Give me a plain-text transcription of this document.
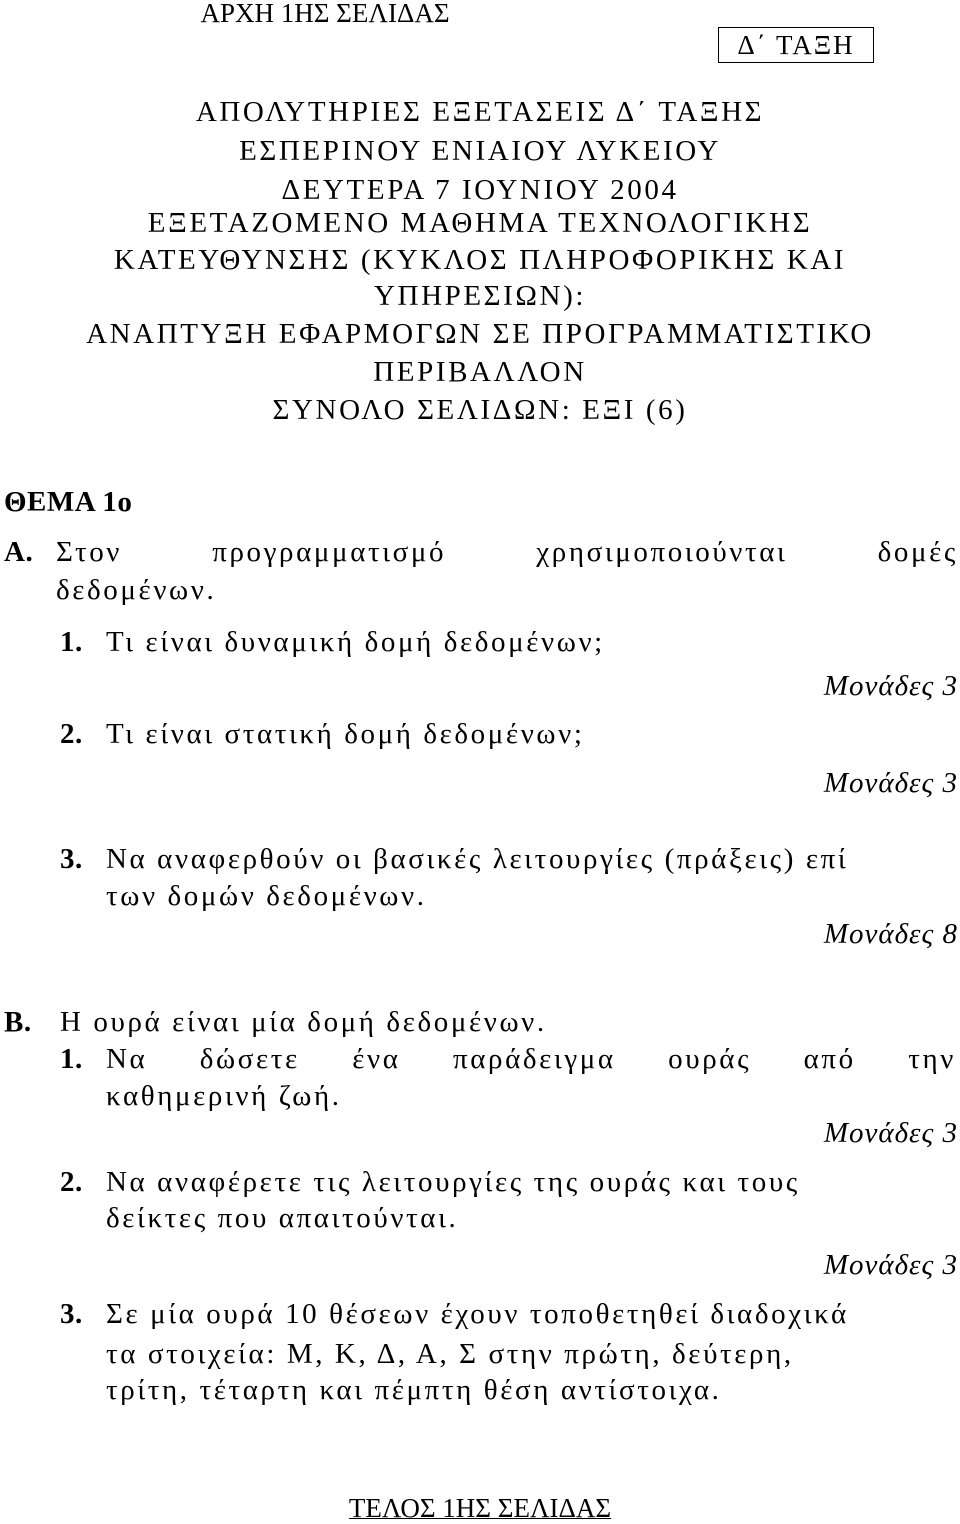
ΑΡΧΗ 1ΗΣ ΣΕΛΙΔΑΣ
Δ΄ ΤΑΞΗ
ΑΠΟΛΥΤΗΡΙΕΣ ΕΞΕΤΑΣΕΙΣ Δ΄ ΤΑΞΗΣ
ΕΣΠΕΡΙΝΟΥ ΕΝΙΑΙΟΥ ΛΥΚΕΙΟΥ
ΔΕΥΤΕΡΑ 7 ΙΟΥΝΙΟΥ 2004
ΕΞΕΤΑΖΟΜΕΝΟ ΜΑΘΗΜΑ ΤΕΧΝΟΛΟΓΙΚΗΣ
ΚΑΤΕΥΘΥΝΣΗΣ (ΚΥΚΛΟΣ ΠΛΗΡΟΦΟΡΙΚΗΣ ΚΑΙ
ΥΠΗΡΕΣΙΩΝ):
ΑΝΑΠΤΥΞΗ ΕΦΑΡΜΟΓΩΝ ΣΕ ΠΡΟΓΡΑΜΜΑΤΙΣΤΙΚΟ
ΠΕΡΙΒΑΛΛΟΝ
ΣΥΝΟΛΟ ΣΕΛΙΔΩΝ: ΕΞΙ (6)
ΘΕΜΑ 1ο
Α. Στον	προγραμματισμό	χρησιμοποιούνται	δομές
δεδομένων.
1. Τι είναι δυναμική δομή δεδομένων;
Μονάδες 3
2. Τι είναι στατική δομή δεδομένων;
Μονάδες 3
3. Να αναφερθούν οι βασικές λειτουργίες (πράξεις) επί
των δομών δεδομένων.
Μονάδες 8
Β. Η ουρά είναι μία δομή δεδομένων.
1. Να δώσετε ένα παράδειγμα ουράς από την
καθημερινή ζωή.
Μονάδες 3
2. Να αναφέρετε τις λειτουργίες της ουράς και τους
δείκτες που απαιτούνται.
Μονάδες 3
3. Σε μία ουρά 10 θέσεων έχουν τοποθετηθεί διαδοχικά
τα στοιχεία: Μ, Κ, Δ, Α, Σ στην πρώτη, δεύτερη,
τρίτη, τέταρτη και πέμπτη θέση αντίστοιχα.
ΤΕΛΟΣ 1ΗΣ ΣΕΛΙΔΑΣ
